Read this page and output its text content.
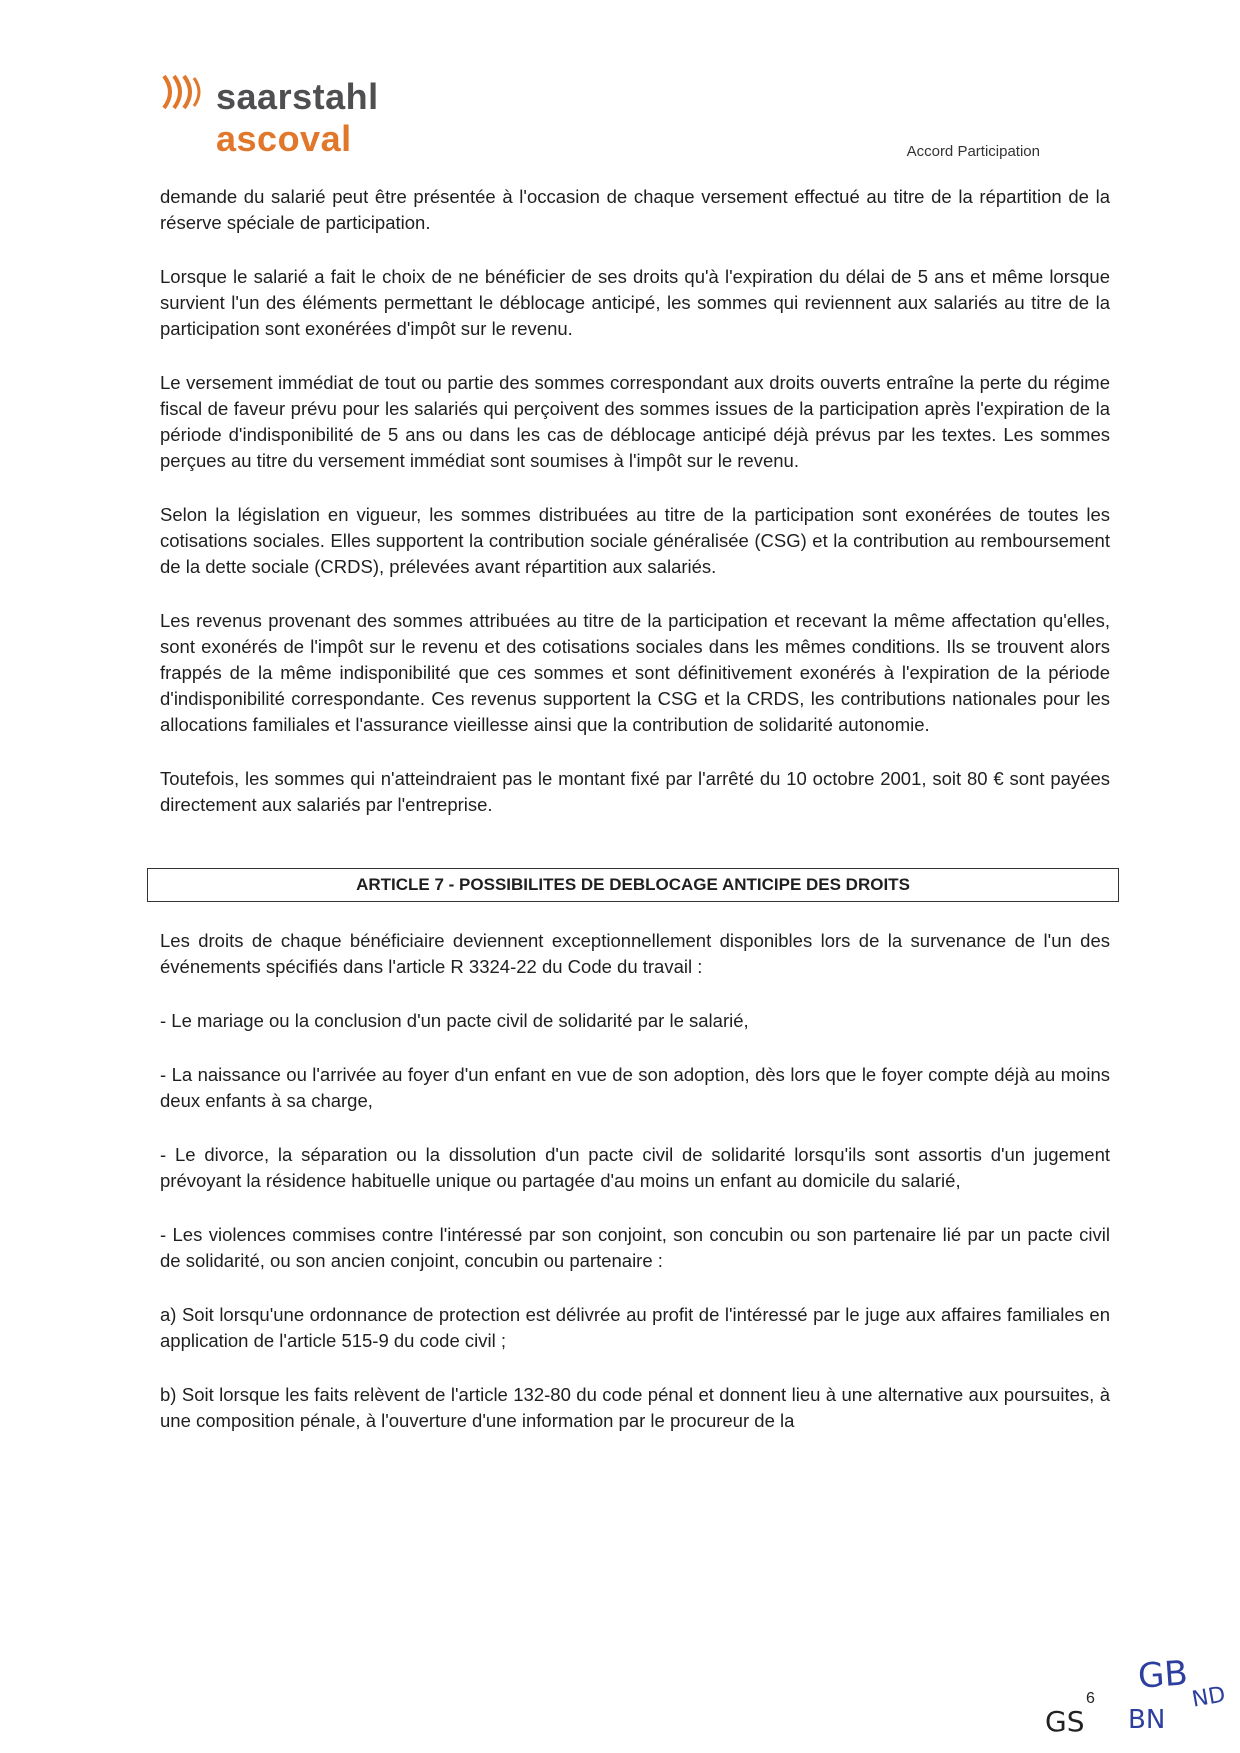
saarstahl
ascoval	Accord Participation

demande du salarié peut être présentée à l'occasion de chaque versement effectué au titre de la répartition de la réserve spéciale de participation.

Lorsque le salarié a fait le choix de ne bénéficier de ses droits qu'à l'expiration du délai de 5 ans et même lorsque survient l'un des éléments permettant le déblocage anticipé, les sommes qui reviennent aux salariés au titre de la participation sont exonérées d'impôt sur le revenu.

Le versement immédiat de tout ou partie des sommes correspondant aux droits ouverts entraîne la perte du régime fiscal de faveur prévu pour les salariés qui perçoivent des sommes issues de la participation après l'expiration de la période d'indisponibilité de 5 ans ou dans les cas de déblocage anticipé déjà prévus par les textes. Les sommes perçues au titre du versement immédiat sont soumises à l'impôt sur le revenu.

Selon la législation en vigueur, les sommes distribuées au titre de la participation sont exonérées de toutes les cotisations sociales. Elles supportent la contribution sociale généralisée (CSG) et la contribution au remboursement de la dette sociale (CRDS), prélevées avant répartition aux salariés.

Les revenus provenant des sommes attribuées au titre de la participation et recevant la même affectation qu'elles, sont exonérés de l'impôt sur le revenu et des cotisations sociales dans les mêmes conditions. Ils se trouvent alors frappés de la même indisponibilité que ces sommes et sont définitivement exonérés à l'expiration de la période d'indisponibilité correspondante. Ces revenus supportent la CSG et la CRDS, les contributions nationales pour les allocations familiales et l'assurance vieillesse ainsi que la contribution de solidarité autonomie.

Toutefois, les sommes qui n'atteindraient pas le montant fixé par l'arrêté du 10 octobre 2001, soit 80 € sont payées directement aux salariés par l'entreprise.

ARTICLE 7 - POSSIBILITES DE DEBLOCAGE ANTICIPE DES DROITS

Les droits de chaque bénéficiaire deviennent exceptionnellement disponibles lors de la survenance de l'un des événements spécifiés dans l'article R 3324-22 du Code du travail :

- Le mariage ou la conclusion d'un pacte civil de solidarité par le salarié,

- La naissance ou l'arrivée au foyer d'un enfant en vue de son adoption, dès lors que le foyer compte déjà au moins deux enfants à sa charge,

- Le divorce, la séparation ou la dissolution d'un pacte civil de solidarité lorsqu'ils sont assortis d'un jugement prévoyant la résidence habituelle unique ou partagée d'au moins un enfant au domicile du salarié,

- Les violences commises contre l'intéressé par son conjoint, son concubin ou son partenaire lié par un pacte civil de solidarité, ou son ancien conjoint, concubin ou partenaire :

a) Soit lorsqu'une ordonnance de protection est délivrée au profit de l'intéressé par le juge aux affaires familiales en application de l'article 515-9 du code civil ;

b) Soit lorsque les faits relèvent de l'article 132-80 du code pénal et donnent lieu à une alternative aux poursuites, à une composition pénale, à l'ouverture d'une information par le procureur de la

6
GB
GS BN
ND
